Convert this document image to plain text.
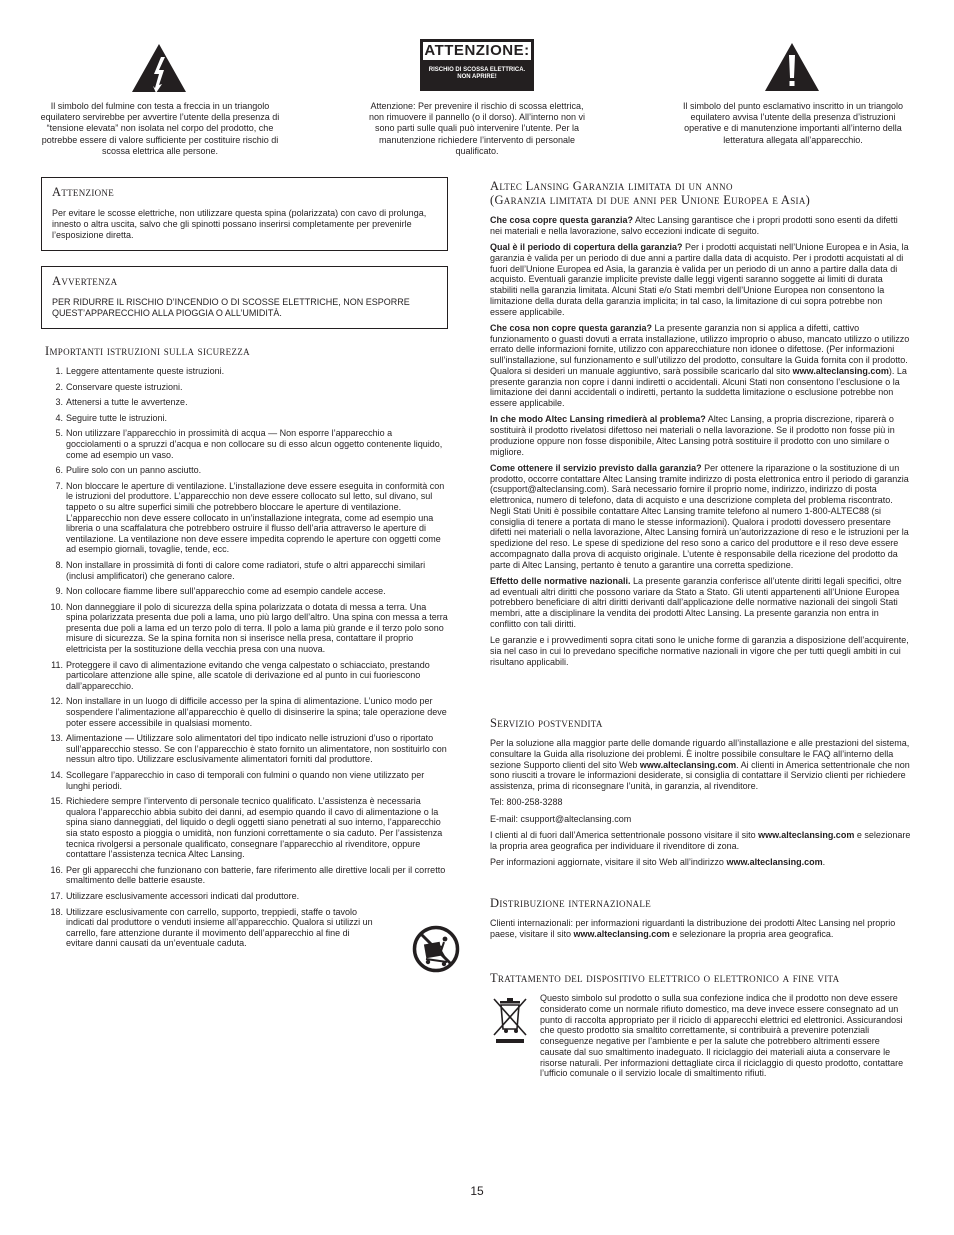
Il simbolo del fulmine con testa a freccia in un triangolo equilatero servirebbe per avvertire l’utente della presenza di “tensione elevata” non isolata nel corpo del prodotto, che potrebbe essere di valore sufficiente per costituire rischio di scossa elettrica alle persone.
ATTENZIONE:
RISCHIO DI SCOSSA ELETTRICA.
NON APRIRE!
Attenzione: Per prevenire il rischio di scossa elettrica, non rimuovere il pannello (o il dorso). All’interno non vi sono parti sulle quali può intervenire l’utente. Per la manutenzione richiedere l’intervento di personale qualificato.
Il simbolo del punto esclamativo inscritto in un triangolo equilatero avvisa l’utente della presenza d’istruzioni operative e di manutenzione importanti all’interno della letteratura allegata all’apparecchio.
Attenzione

Per evitare le scosse elettriche, non utilizzare questa spina (polarizzata) con cavo di prolunga, innesto o altra uscita, salvo che gli spinotti possano inserirsi completamente per prevenirle l’esposizione diretta.

Avvertenza

PER RIDURRE IL RISCHIO D’INCENDIO O DI SCOSSE ELETTRICHE, NON ESPORRE QUEST’APPARECCHIO ALLA PIOGGIA O ALL’UMIDITÀ.

Importanti istruzioni sulla sicurezza
1. Leggere attentamente queste istruzioni.
2. Conservare queste istruzioni.
3. Attenersi a tutte le avvertenze.
4. Seguire tutte le istruzioni.
5. Non utilizzare l’apparecchio in prossimità di acqua — Non esporre l’apparecchio a gocciolamenti o a spruzzi d’acqua e non collocare su di esso alcun oggetto contenente liquido, come ad esempio un vaso.
6. Pulire solo con un panno asciutto.
7. Non bloccare le aperture di ventilazione. L’installazione deve essere eseguita in conformità con le istruzioni del produttore. L’apparecchio non deve essere collocato sul letto, sul divano, sul tappeto o su altre superfici simili che potrebbero bloccare le aperture di ventilazione. L’apparecchio non deve essere collocato in un’installazione integrata, come ad esempio una libreria o una scaffalatura che potrebbero ostruire il flusso dell’aria attraverso le aperture di ventilazione. La ventilazione non deve essere impedita coprendo le aperture con oggetti come ad esempio giornali, tovaglie, tende, ecc.
8. Non installare in prossimità di fonti di calore come radiatori, stufe o altri apparecchi similari (inclusi amplificatori) che generano calore.
9. Non collocare fiamme libere sull’apparecchio come ad esempio candele accese.
10. Non danneggiare il polo di sicurezza della spina polarizzata o dotata di messa a terra. Una spina polarizzata presenta due poli a lama, uno più largo dell’altro. Una spina con messa a terra presenta due poli a lama ed un terzo polo di terra. Il polo a lama più grande e il terzo polo sono misure di sicurezza. Se la spina fornita non si inserisce nella presa, contattare il proprio elettricista per la sostituzione della vecchia presa con una nuova.
11. Proteggere il cavo di alimentazione evitando che venga calpestato o schiacciato, prestando particolare attenzione alle spine, alle scatole di derivazione ed al punto in cui fuoriescono dall’apparecchio.
12. Non installare in un luogo di difficile accesso per la spina di alimentazione. L’unico modo per sospendere l’alimentazione all’apparecchio è quello di disinserire la spina; tale operazione deve poter essere accessibile in qualsiasi momento.
13. Alimentazione — Utilizzare solo alimentatori del tipo indicato nelle istruzioni d’uso o riportato sull’apparecchio stesso. Se con l’apparecchio è stato fornito un alimentatore, non sostituirlo con nessun altro tipo. Utilizzare esclusivamente alimentatori forniti dal produttore.
14. Scollegare l’apparecchio in caso di temporali con fulmini o quando non viene utilizzato per lunghi periodi.
15. Richiedere sempre l’intervento di personale tecnico qualificato. L’assistenza è necessaria qualora l’apparecchio abbia subito dei danni, ad esempio quando il cavo di alimentazione o la spina siano danneggiati, del liquido o degli oggetti siano penetrati al suo interno, l’apparecchio sia stato esposto a pioggia o umidità, non funzioni correttamente o sia caduto. Per l’assistenza tecnica rivolgersi a personale qualificato, consegnare l’apparecchio al rivenditore, oppure contattare l’assistenza tecnica Altec Lansing.
16. Per gli apparecchi che funzionano con batterie, fare riferimento alle direttive locali per il corretto smaltimento delle batterie esauste.
17. Utilizzare esclusivamente accessori indicati dal produttore.
18. Utilizzare esclusivamente con carrello, supporto, treppiedi, staffe o tavolo indicati dal produttore o venduti insieme all’apparecchio. Qualora si utilizzi un carrello, fare attenzione durante il movimento dell’apparecchio al fine di evitare danni causati da un’eventuale caduta.
Altec Lansing Garanzia limitata di un anno
(Garanzia limitata di due anni per Unione Europea e Asia)

Che cosa copre questa garanzia? Altec Lansing garantisce che i propri prodotti sono esenti da difetti nei materiali e nella lavorazione, salvo eccezioni indicate di seguito.

Qual è il periodo di copertura della garanzia? Per i prodotti acquistati nell’Unione Europea e in Asia, la garanzia è valida per un periodo di due anni a partire dalla data di acquisto. Per i prodotti acquistati al di fuori dell’Unione Europea ed Asia, la garanzia è valida per un periodo di un anno a partire dalla data di acquisto. Eventuali garanzie implicite previste dalle leggi vigenti saranno soggette ai limiti di durata stabiliti nella garanzia limitata. Alcuni Stati e/o Stati membri dell’Unione Europea non consentono la limitazione della durata della garanzia implicita; in tal caso, la limitazione di cui sopra potrebbe non essere applicabile.

Che cosa non copre questa garanzia? La presente garanzia non si applica a difetti, cattivo funzionamento o guasti dovuti a errata installazione, utilizzo improprio o abuso, mancato utilizzo o utilizzo errato delle informazioni fornite, utilizzo con apparecchiature non idonee o difettose. (Per informazioni sull’installazione, sul funzionamento e sull’utilizzo del prodotto, consultare la Guida fornita con il prodotto. Qualora si desideri un manuale aggiuntivo, sarà possibile scaricarlo dal sito www.alteclansing.com). La presente garanzia non copre i danni indiretti o accidentali. Alcuni Stati non consentono l’esclusione o la limitazione dei danni accidentali o indiretti, pertanto la suddetta limitazione o esclusione potrebbe non essere applicabile.

In che modo Altec Lansing rimedierà al problema? Altec Lansing, a propria discrezione, riparerà o sostituirà il prodotto rivelatosi difettoso nei materiali o nella lavorazione. Se il prodotto non fosse più in produzione oppure non fosse disponibile, Altec Lansing potrà sostituire il prodotto con uno similare o migliore.

Come ottenere il servizio previsto dalla garanzia? Per ottenere la riparazione o la sostituzione di un prodotto, occorre contattare Altec Lansing tramite indirizzo di posta elettronica entro il periodo di garanzia (csupport@alteclansing.com). Sarà necessario fornire il proprio nome, indirizzo, indirizzo di posta elettronica, numero di telefono, data di acquisto e una descrizione completa del problema riscontrato. Negli Stati Uniti è possibile contattare Altec Lansing tramite telefono al numero 1-800-ALTEC88 (si consiglia di tenere a portata di mano le stesse informazioni). Qualora i prodotti dovessero presentare difetti nei materiali o nella lavorazione, Altec Lansing fornirà un’autorizzazione di reso e le istruzioni per la spedizione del reso. Le spese di spedizione del reso sono a carico del produttore e il reso deve essere accompagnato dalla prova di acquisto originale. L’utente è responsabile della ricezione del prodotto da parte di Altec Lansing, pertanto è tenuto a garantire una corretta spedizione.

Effetto delle normative nazionali. La presente garanzia conferisce all’utente diritti legali specifici, oltre ad eventuali altri diritti che possono variare da Stato a Stato. Gli utenti appartenenti all’Unione Europea potrebbero beneficiare di altri diritti derivanti dall’applicazione delle normative nazionali dei singoli Stati membri, atte a disciplinare la vendita dei prodotti Altec Lansing. La presente garanzia non entra in conflitto con tali diritti.

Le garanzie e i provvedimenti sopra citati sono le uniche forme di garanzia a disposizione dell’acquirente, sia nel caso in cui lo prevedano specifiche normative nazionali in vigore che per tutti quegli ambiti in cui risultano applicabili.

Servizio postvendita

Per la soluzione alla maggior parte delle domande riguardo all’installazione e alle prestazioni del sistema, consultare la Guida alla risoluzione dei problemi. È inoltre possibile consultare le FAQ all’interno della sezione Supporto clienti del sito Web www.alteclansing.com. Ai clienti in America settentrionale che non sono riusciti a trovare le informazioni desiderate, si consiglia di contattare il Servizio clienti per richiedere assistenza, prima di riconsegnare l’unità, in garanzia, al rivenditore.

Tel: 800-258-3288

E-mail: csupport@alteclansing.com

I clienti al di fuori dall’America settentrionale possono visitare il sito www.alteclansing.com e selezionare la propria area geografica per individuare il rivenditore di zona.

Per informazioni aggiornate, visitare il sito Web all’indirizzo www.alteclansing.com.

Distribuzione internazionale

Clienti internazionali: per informazioni riguardanti la distribuzione dei prodotti Altec Lansing nel proprio paese, visitare il sito www.alteclansing.com e selezionare la propria area geografica.

Trattamento del dispositivo elettrico o elettronico a fine vita

Questo simbolo sul prodotto o sulla sua confezione indica che il prodotto non deve essere considerato come un normale rifiuto domestico, ma deve invece essere consegnato ad un punto di raccolta appropriato per il riciclo di apparecchi elettrici ed elettronici. Assicurandosi che questo prodotto sia smaltito correttamente, si contribuirà a prevenire potenziali conseguenze negative per l’ambiente e per la salute che potrebbero altrimenti essere causate dal suo smaltimento inadeguato. Il riciclaggio dei materiali aiuta a conservare le risorse naturali. Per informazioni dettagliate circa il riciclaggio di questo prodotto, contattare l’ufficio comunale o il servizio locale di smaltimento rifiuti.

15
